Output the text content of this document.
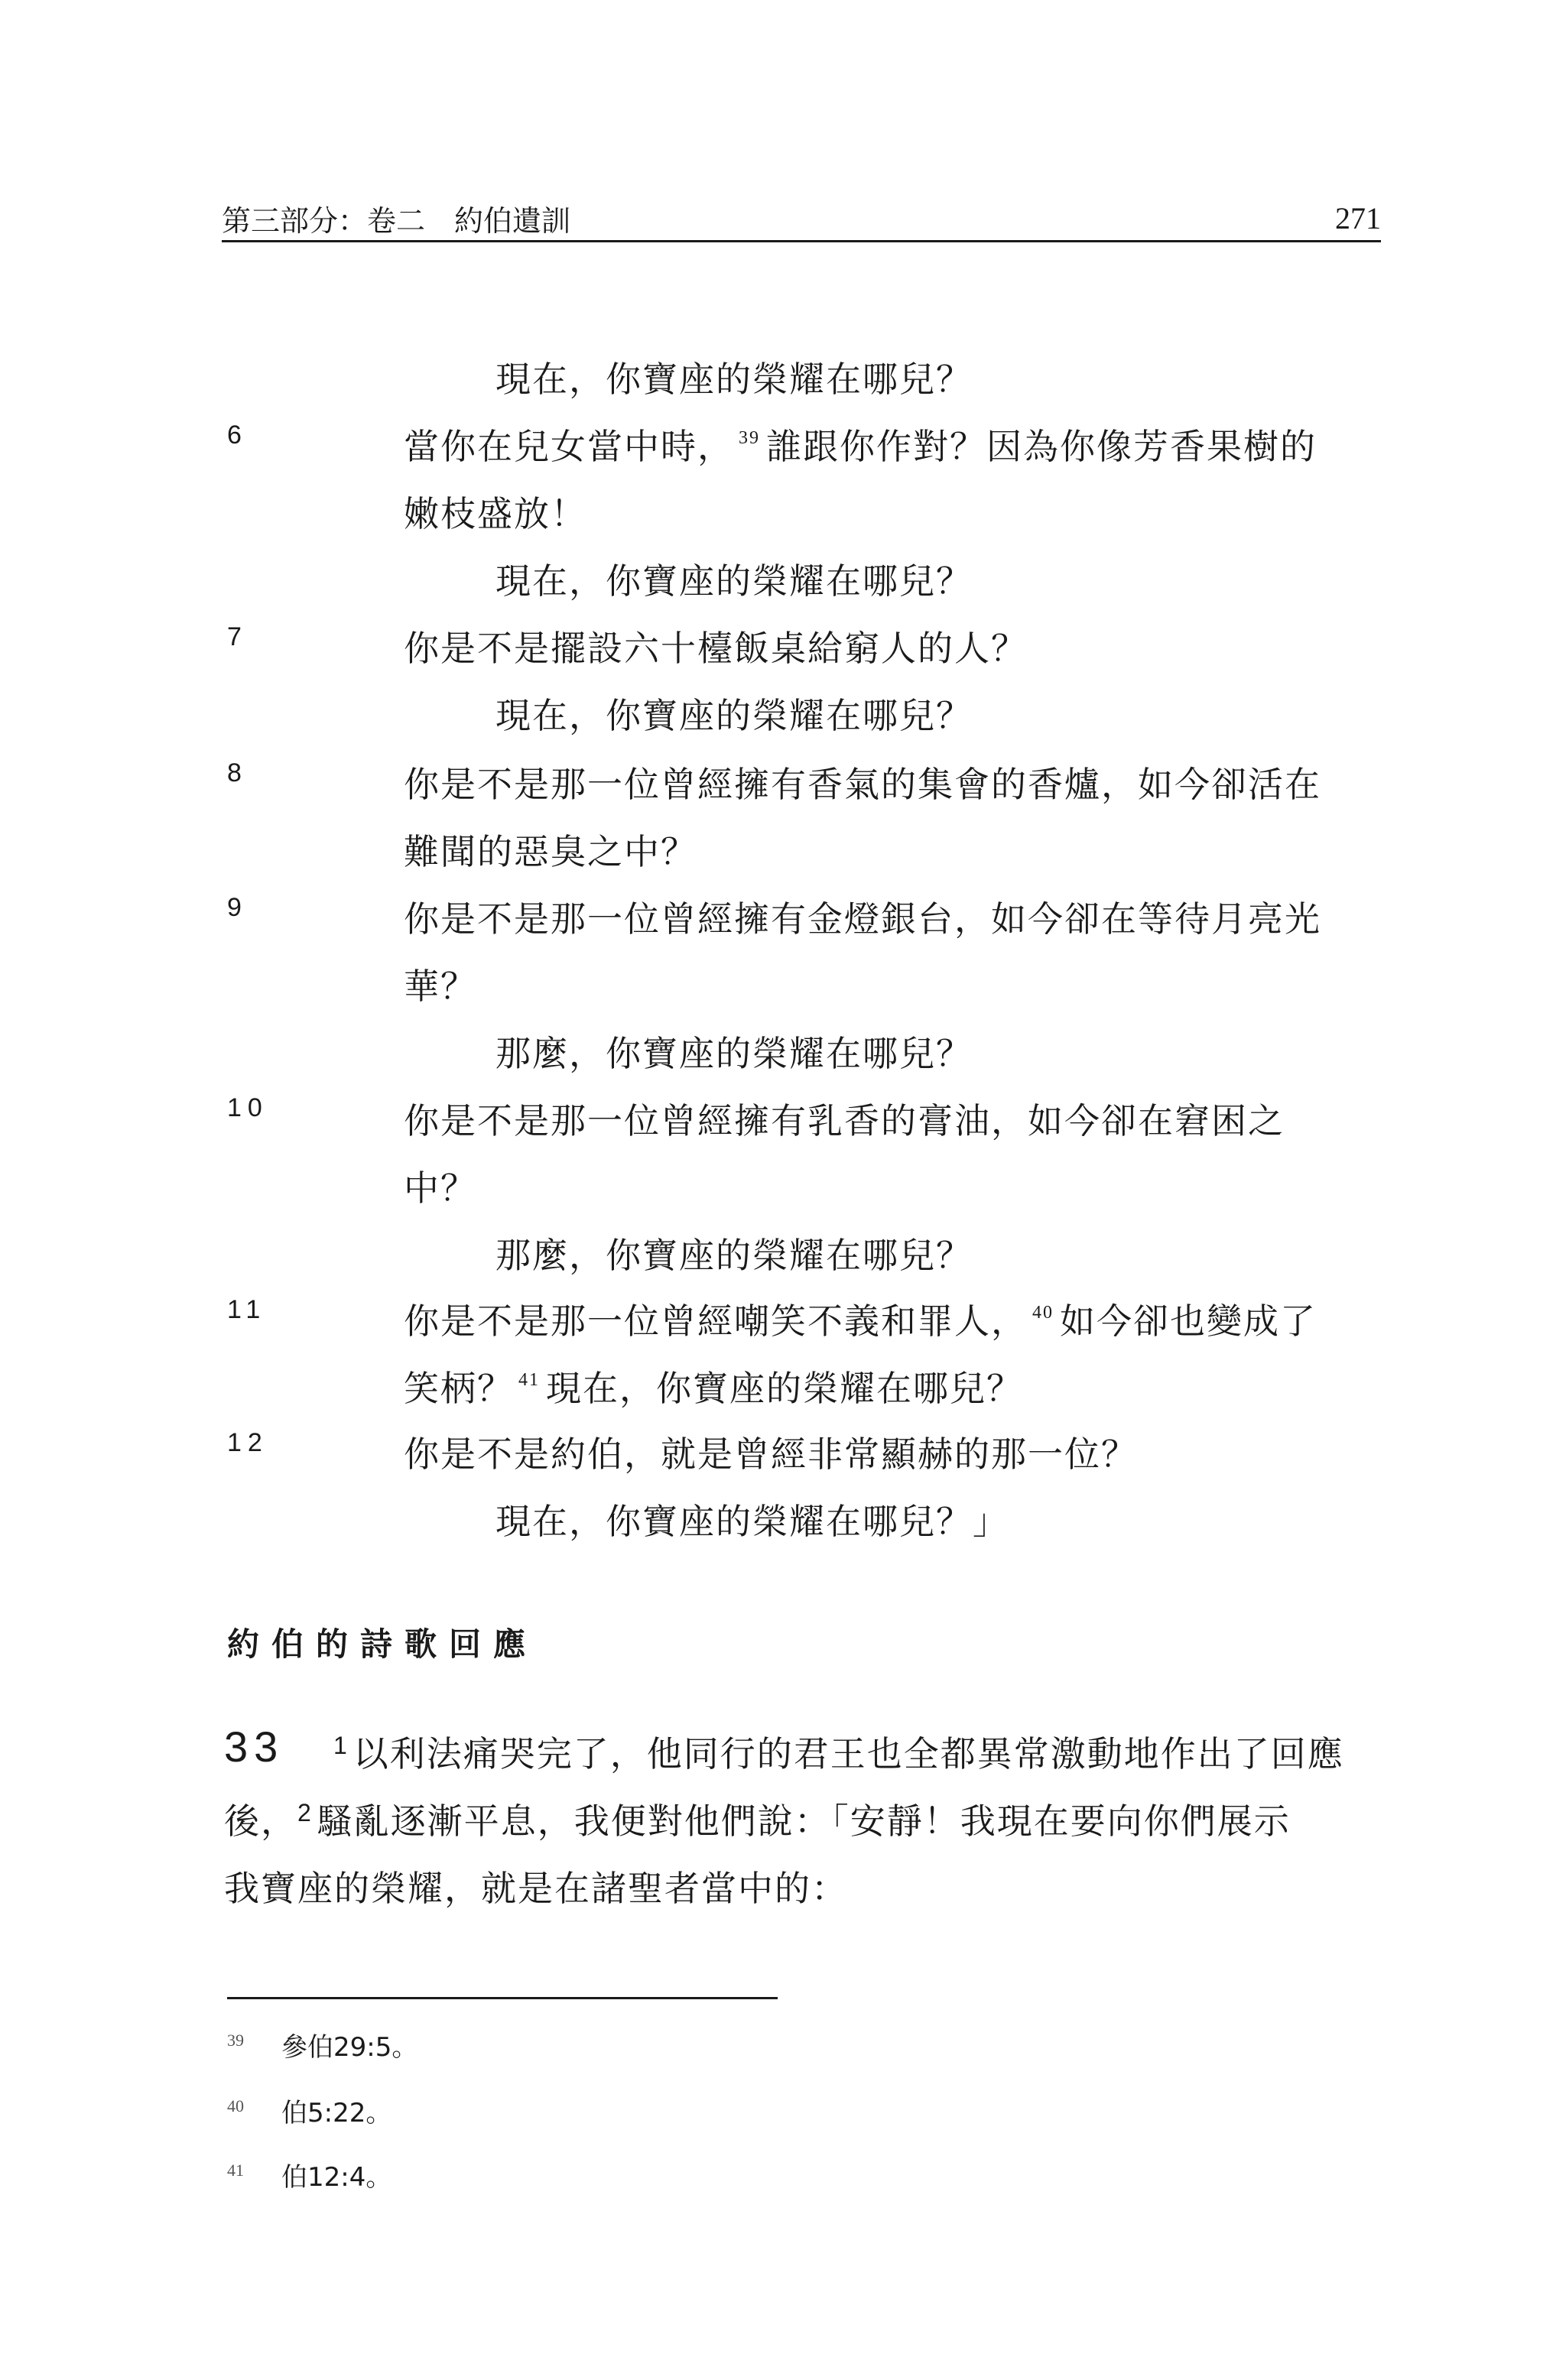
第三部分：卷二　約伯遺訓	271
現在，你寶座的榮耀在哪兒？
6	當你在兒女當中時， $^{39}$ 誰跟你作對？因為你像芳香果樹的
嫩枝盛放！
現在，你寶座的榮耀在哪兒？
7	你是不是擺設六十檯飯桌給窮人的人？
現在，你寶座的榮耀在哪兒？
8	你是不是那一位曾經擁有香氣的集會的香爐，如今卻活在
難聞的惡臭之中？
9	你是不是那一位曾經擁有金燈銀台，如今卻在等待月亮光
華？
那麼，你寶座的榮耀在哪兒？
10	你是不是那一位曾經擁有乳香的膏油，如今卻在窘困之
中？
那麼，你寶座的榮耀在哪兒？
11	你是不是那一位曾經嘲笑不義和罪人， $^{40}$ 如今卻也變成了
笑柄？ $^{41}$ 現在，你寶座的榮耀在哪兒？
12	你是不是約伯，就是曾經非常顯赫的那一位？
現在，你寶座的榮耀在哪兒？」
約伯的詩歌回應
33 $^1$ 以利法痛哭完了，他同行的君王也全都異常激動地作出了回應
後，$^2$ 騷亂逐漸平息，我便對他們說：「安靜！我現在要向你們展示
我寶座的榮耀，就是在諸聖者當中的：
39 參伯29:5。
40 伯5:22。
41 伯12:4。
